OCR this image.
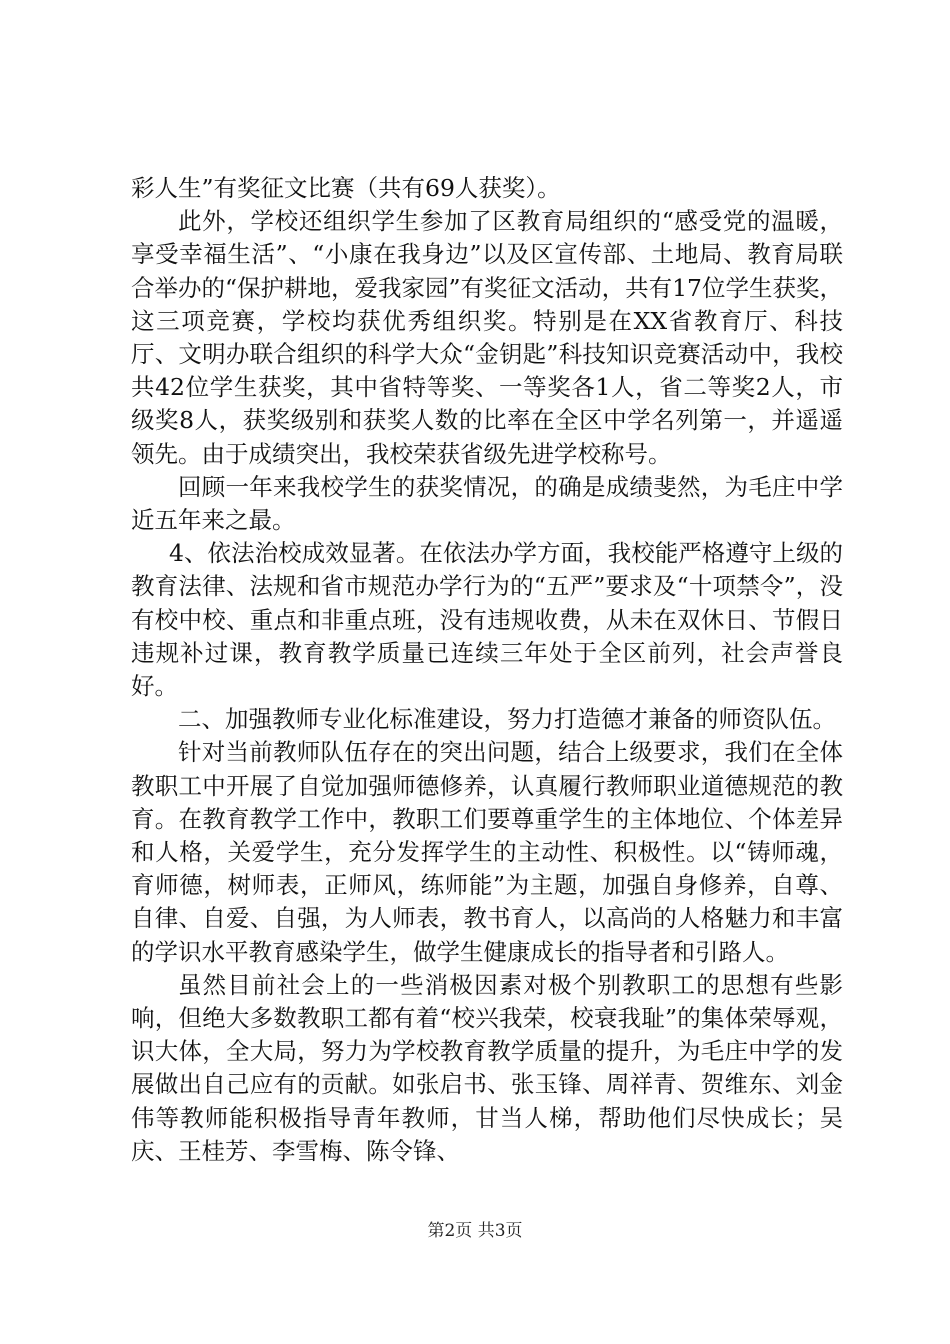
彩人生”有奖征文比赛（共有69人获奖）。

此外，学校还组织学生参加了区教育局组织的“感受党的温暖，享受幸福生活”、“小康在我身边”以及区宣传部、土地局、教育局联合举办的“保护耕地，爱我家园”有奖征文活动，共有17位学生获奖，这三项竞赛，学校均获优秀组织奖。特别是在XX省教育厅、科技厅、文明办联合组织的科学大众“金钥匙”科技知识竞赛活动中，我校共42位学生获奖，其中省特等奖、一等奖各1人，省二等奖2人，市级奖8人，获奖级别和获奖人数的比率在全区中学名列第一，并遥遥领先。由于成绩突出，我校荣获省级先进学校称号。

回顾一年来我校学生的获奖情况，的确是成绩斐然，为毛庄中学近五年来之最。

4、依法治校成效显著。在依法办学方面，我校能严格遵守上级的教育法律、法规和省市规范办学行为的“五严”要求及“十项禁令”，没有校中校、重点和非重点班，没有违规收费，从未在双休日、节假日违规补过课，教育教学质量已连续三年处于全区前列，社会声誉良好。

二、加强教师专业化标准建设，努力打造德才兼备的师资队伍。

针对当前教师队伍存在的突出问题，结合上级要求，我们在全体教职工中开展了自觉加强师德修养，认真履行教师职业道德规范的教育。在教育教学工作中，教职工们要尊重学生的主体地位、个体差异和人格，关爱学生，充分发挥学生的主动性、积极性。以“铸师魂，育师德，树师表，正师风，练师能”为主题，加强自身修养，自尊、自律、自爱、自强，为人师表，教书育人，以高尚的人格魅力和丰富的学识水平教育感染学生，做学生健康成长的指导者和引路人。

虽然目前社会上的一些消极因素对极个别教职工的思想有些影响，但绝大多数教职工都有着“校兴我荣，校衰我耻”的集体荣辱观，识大体，全大局，努力为学校教育教学质量的提升，为毛庄中学的发展做出自己应有的贡献。如张启书、张玉锋、周祥青、贺维东、刘金伟等教师能积极指导青年教师，甘当人梯，帮助他们尽快成长；吴庆、王桂芳、李雪梅、陈令锋、

第2页 共3页
